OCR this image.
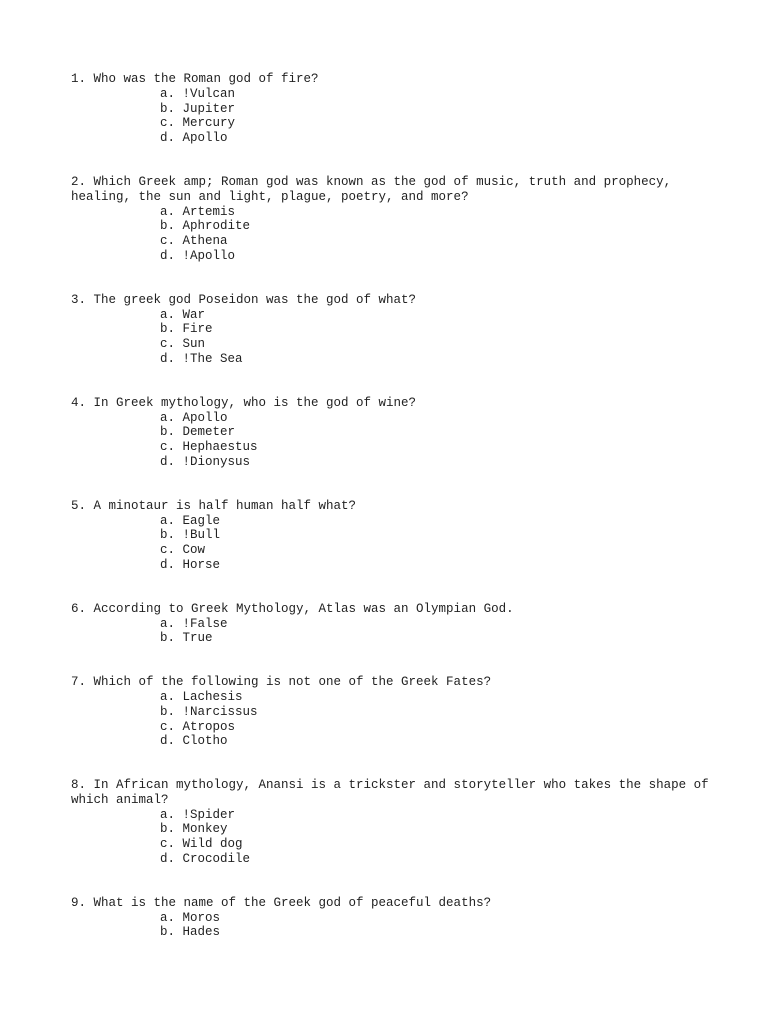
1. Who was the Roman god of fire?

a. !Vulcan
b. Jupiter
c. Mercury
d. Apollo

2. Which Greek amp; Roman god was known as the god of music, truth and prophecy, healing, the sun and light, plague, poetry, and more?

a. Artemis
b. Aphrodite
c. Athena
d. !Apollo

3. The greek god Poseidon was the god of what?

a. War
b. Fire
c. Sun
d. !The Sea

4. In Greek mythology, who is the god of wine?

a. Apollo
b. Demeter
c. Hephaestus
d. !Dionysus

5. A minotaur is half human half what?

a. Eagle
b. !Bull
c. Cow
d. Horse

6. According to Greek Mythology, Atlas was an Olympian God.

a. !False
b. True

7. Which of the following is not one of the Greek Fates?

a. Lachesis
b. !Narcissus
c. Atropos
d. Clotho

8. In African mythology, Anansi is a trickster and storyteller who takes the shape of which animal?

a. !Spider
b. Monkey
c. Wild dog
d. Crocodile

9. What is the name of the Greek god of peaceful deaths?

a. Moros
b. Hades
